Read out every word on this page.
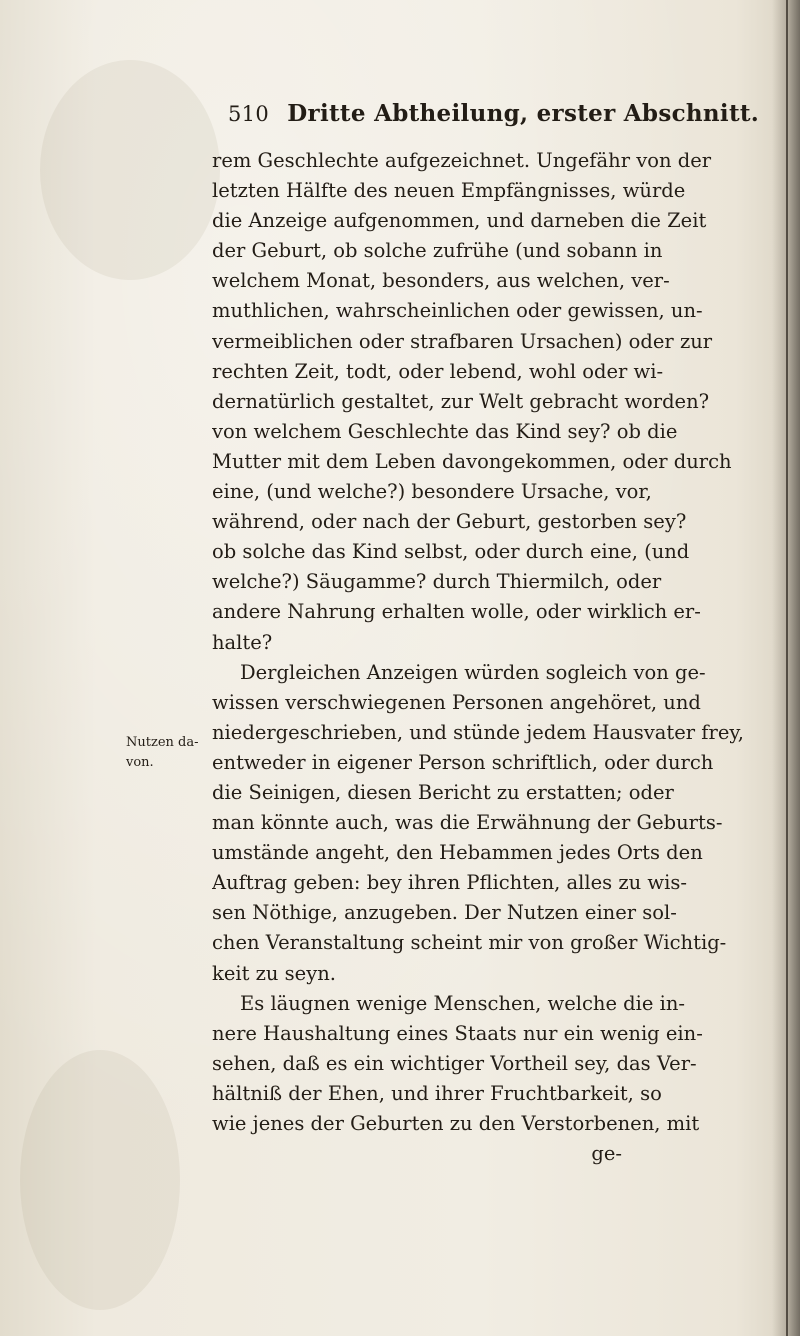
510 Dritte Abtheilung, erster Abschnitt.
Nutzen da-
von.
rem Geschlechte aufgezeichnet. Ungefähr von der
letzten Hälfte des neuen Empfängnisses, würde
die Anzeige aufgenommen, und darneben die Zeit
der Geburt, ob solche zufrühe (und sobann in
welchem Monat, besonders, aus welchen, ver-
muthlichen, wahrscheinlichen oder gewissen, un-
vermeiblichen oder strafbaren Ursachen) oder zur
rechten Zeit, todt, oder lebend, wohl oder wi-
dernatürlich gestaltet, zur Welt gebracht worden?
von welchem Geschlechte das Kind sey? ob die
Mutter mit dem Leben davongekommen, oder durch
eine, (und welche?) besondere Ursache, vor,
während, oder nach der Geburt, gestorben sey?
ob solche das Kind selbst, oder durch eine, (und
welche?) Säugamme? durch Thiermilch, oder
andere Nahrung erhalten wolle, oder wirklich er-
halte?
Dergleichen Anzeigen würden sogleich von ge-
wissen verschwiegenen Personen angehöret, und
niedergeschrieben, und stünde jedem Hausvater frey,
entweder in eigener Person schriftlich, oder durch
die Seinigen, diesen Bericht zu erstatten; oder
man könnte auch, was die Erwähnung der Geburts-
umstände angeht, den Hebammen jedes Orts den
Auftrag geben: bey ihren Pflichten, alles zu wis-
sen Nöthige, anzugeben. Der Nutzen einer sol-
chen Veranstaltung scheint mir von großer Wichtig-
keit zu seyn.
Es läugnen wenige Menschen, welche die in-
nere Haushaltung eines Staats nur ein wenig ein-
sehen, daß es ein wichtiger Vortheil sey, das Ver-
hältniß der Ehen, und ihrer Fruchtbarkeit, so
wie jenes der Geburten zu den Verstorbenen, mit
ge-
